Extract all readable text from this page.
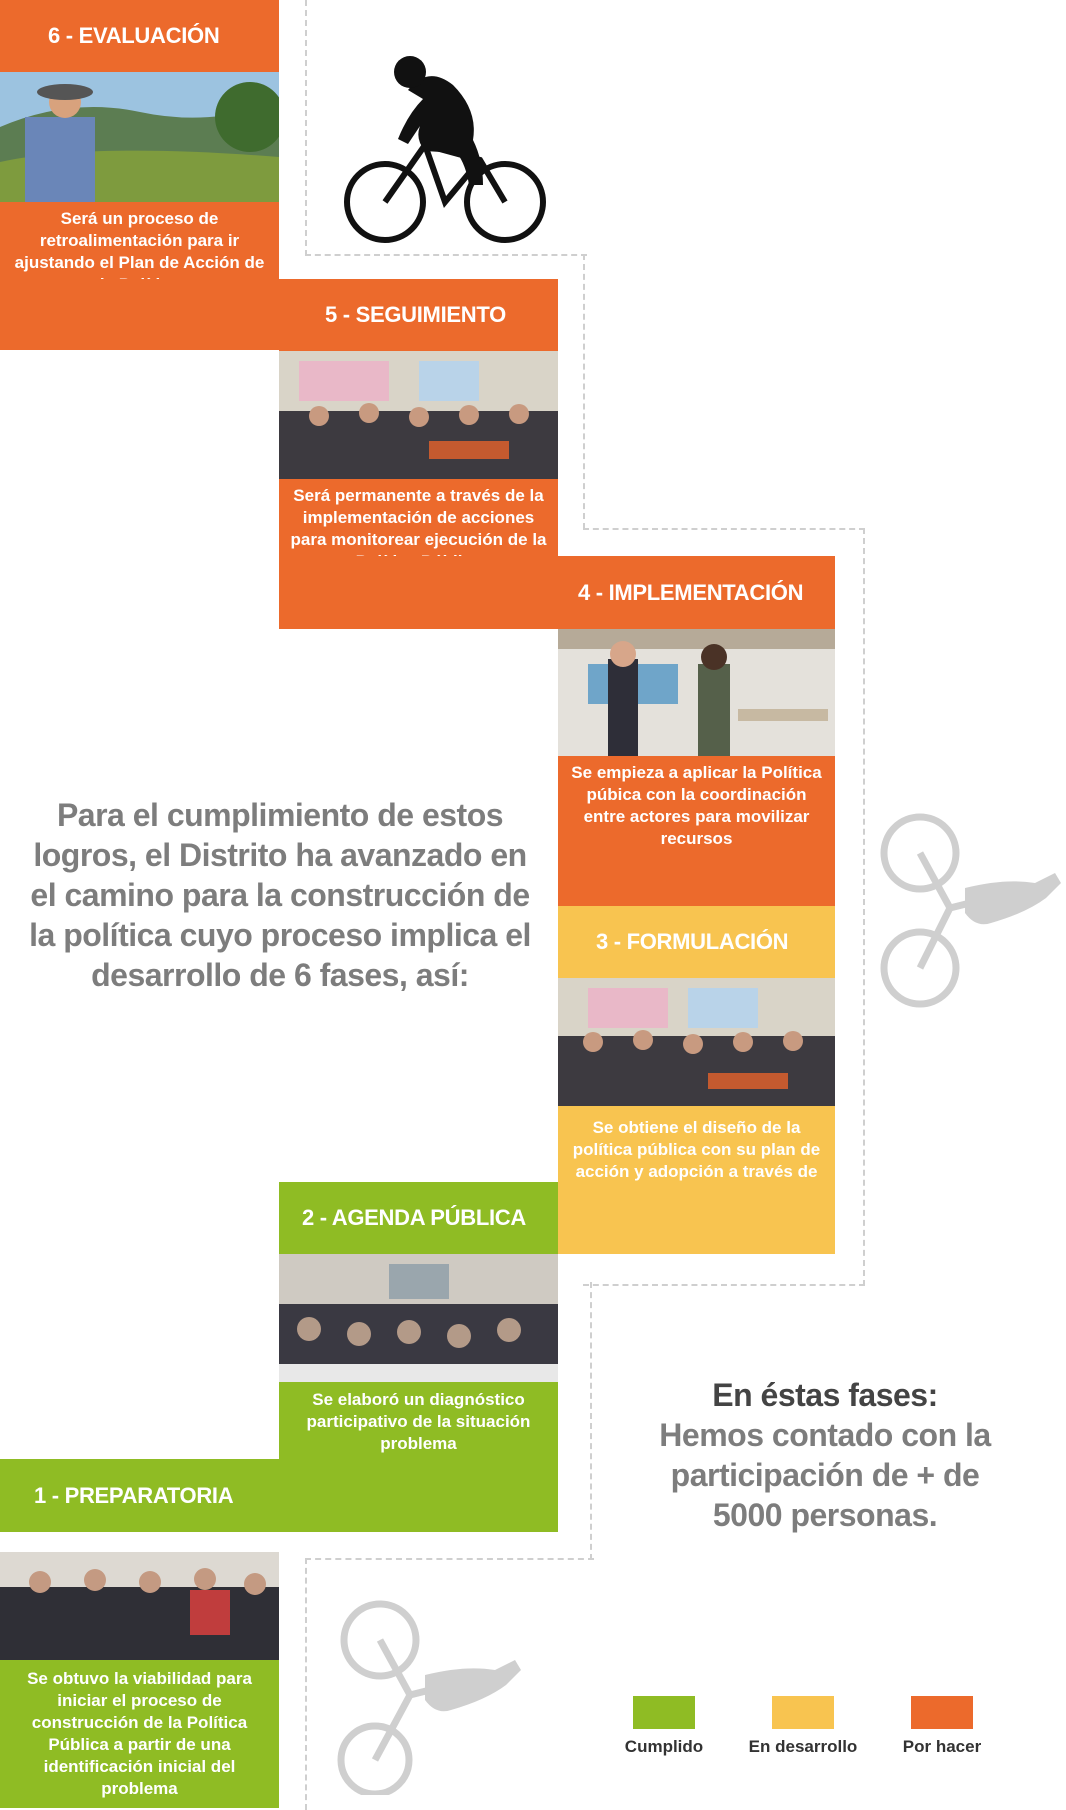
6 - EVALUACIÓN
Será un proceso de retroalimentación para ir ajustando el Plan de Acción de
5 - SEGUIMIENTO
Será permanente a través de la implementación de acciones para monitorear ejecución de la
4 - IMPLEMENTACIÓN
Se empieza a aplicar la Política púbica con la coordinación entre actores para movilizar recursos
3 - FORMULACIÓN
Se obtiene el diseño de la política pública con su plan de acción y adopción a través de
2 - AGENDA PÚBLICA
Se elaboró un diagnóstico participativo de la situación problema
1 - PREPARATORIA
Se obtuvo la viabilidad para iniciar el proceso de construcción de la Política Pública a partir de una identificación inicial del problema
Para el cumplimiento de estos logros, el Distrito ha avanzado en el camino para la construcción de la política cuyo proceso implica el desarrollo de 6 fases, así:
En éstas fases:
Hemos contado con la participación de + de 5000 personas.
Cumplido	En desarrollo	Por hacer
